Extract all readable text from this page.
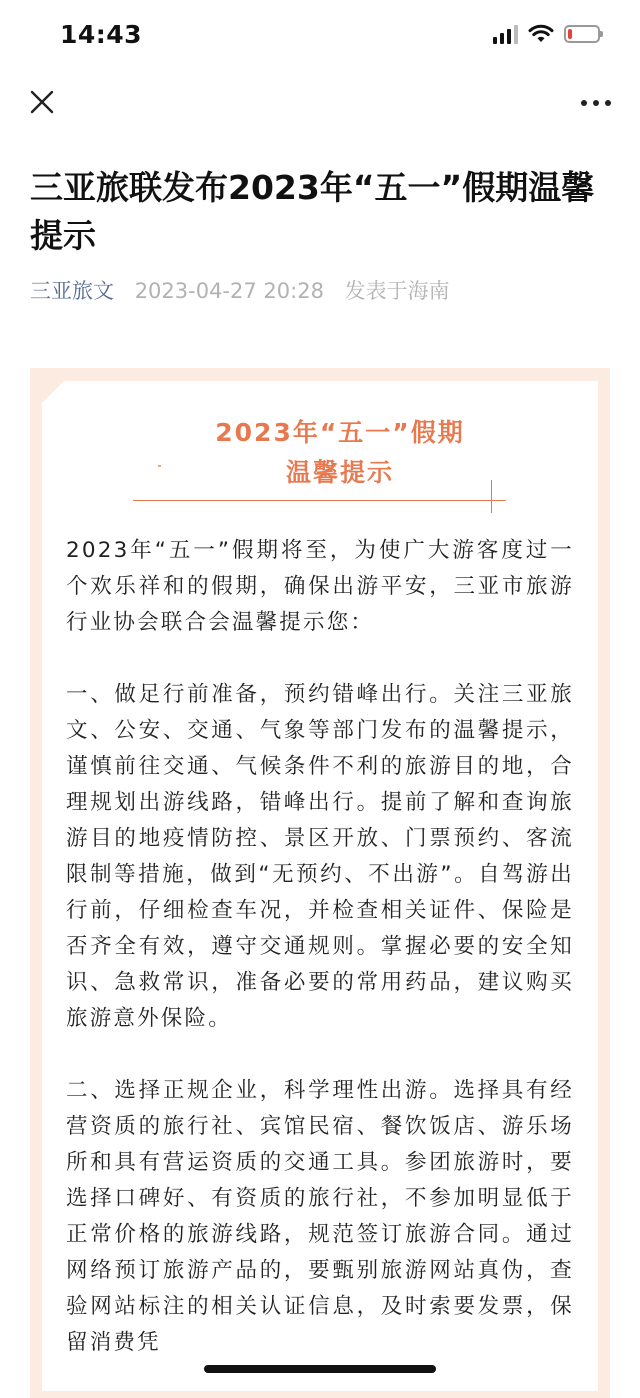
14:43
三亚旅联发布2023年“五一”假期温馨提示
三亚旅文 2023-04-27 20:28 发表于海南
2023年“五一”假期
温馨提示

2023年“五一”假期将至，为使广大游客度过一个欢乐祥和的假期，确保出游平安，三亚市旅游行业协会联合会温馨提示您：

一、做足行前准备，预约错峰出行。关注三亚旅文、公安、交通、气象等部门发布的温馨提示，谨慎前往交通、气候条件不利的旅游目的地，合理规划出游线路，错峰出行。提前了解和查询旅游目的地疫情防控、景区开放、门票预约、客流限制等措施，做到“无预约、不出游”。自驾游出行前，仔细检查车况，并检查相关证件、保险是否齐全有效，遵守交通规则。掌握必要的安全知识、急救常识，准备必要的常用药品，建议购买旅游意外保险。

二、选择正规企业，科学理性出游。选择具有经营资质的旅行社、宾馆民宿、餐饮饭店、游乐场所和具有营运资质的交通工具。参团旅游时，要选择口碑好、有资质的旅行社，不参加明显低于正常价格的旅游线路，规范签订旅游合同。通过网络预订旅游产品的，要甄别旅游网站真伪，查验网站标注的相关认证信息，及时索要发票，保留消费凭
